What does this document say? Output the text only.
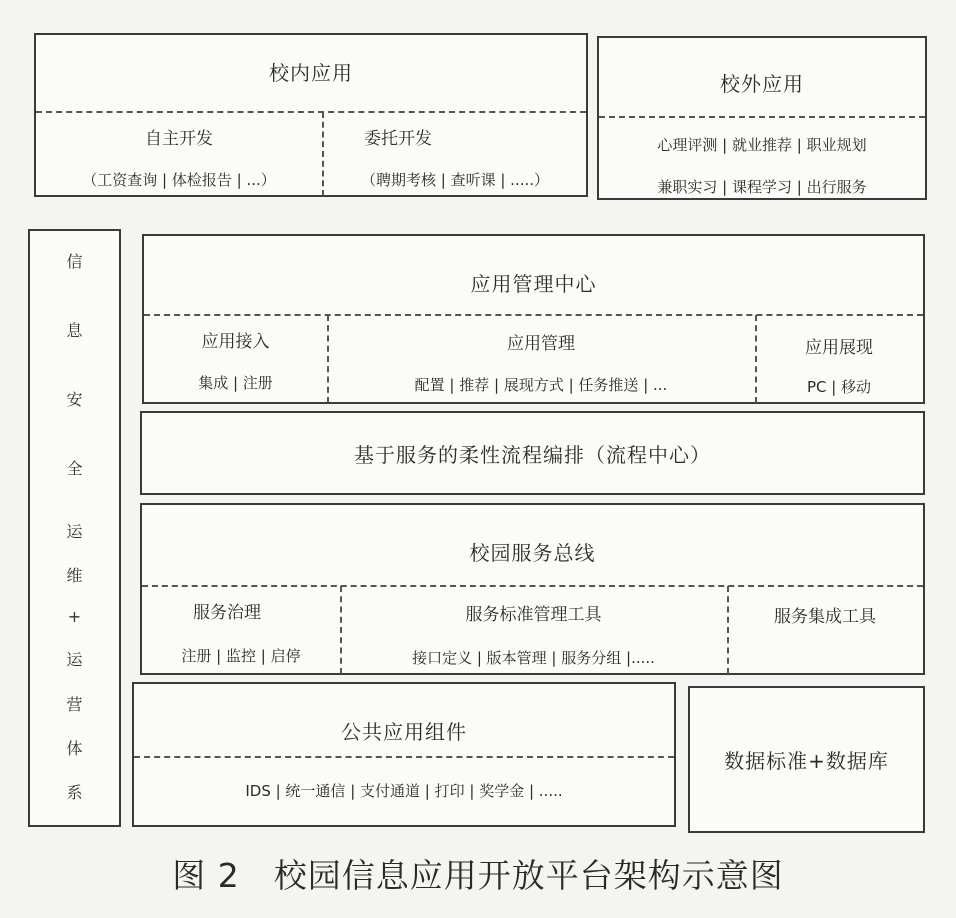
校内应用
自主开发
（工资查询 | 体检报告 | ...）
委托开发
（聘期考核 | 查听课 | .....）
校外应用
心理评测 | 就业推荐 | 职业规划
兼职实习 | 课程学习 | 出行服务
信
息
安
全
运
维
+
运
营
体
系
应用管理中心
应用接入
集成 | 注册
应用管理
配置 | 推荐 | 展现方式 | 任务推送 | ...
应用展现
PC | 移动
基于服务的柔性流程编排（流程中心）
校园服务总线
服务治理
注册 | 监控 | 启停
服务标准管理工具
接口定义 | 版本管理 | 服务分组 |.....
服务集成工具
公共应用组件
IDS | 统一通信 | 支付通道 | 打印 | 奖学金 | .....
数据标准+数据库
图 2 校园信息应用开放平台架构示意图
